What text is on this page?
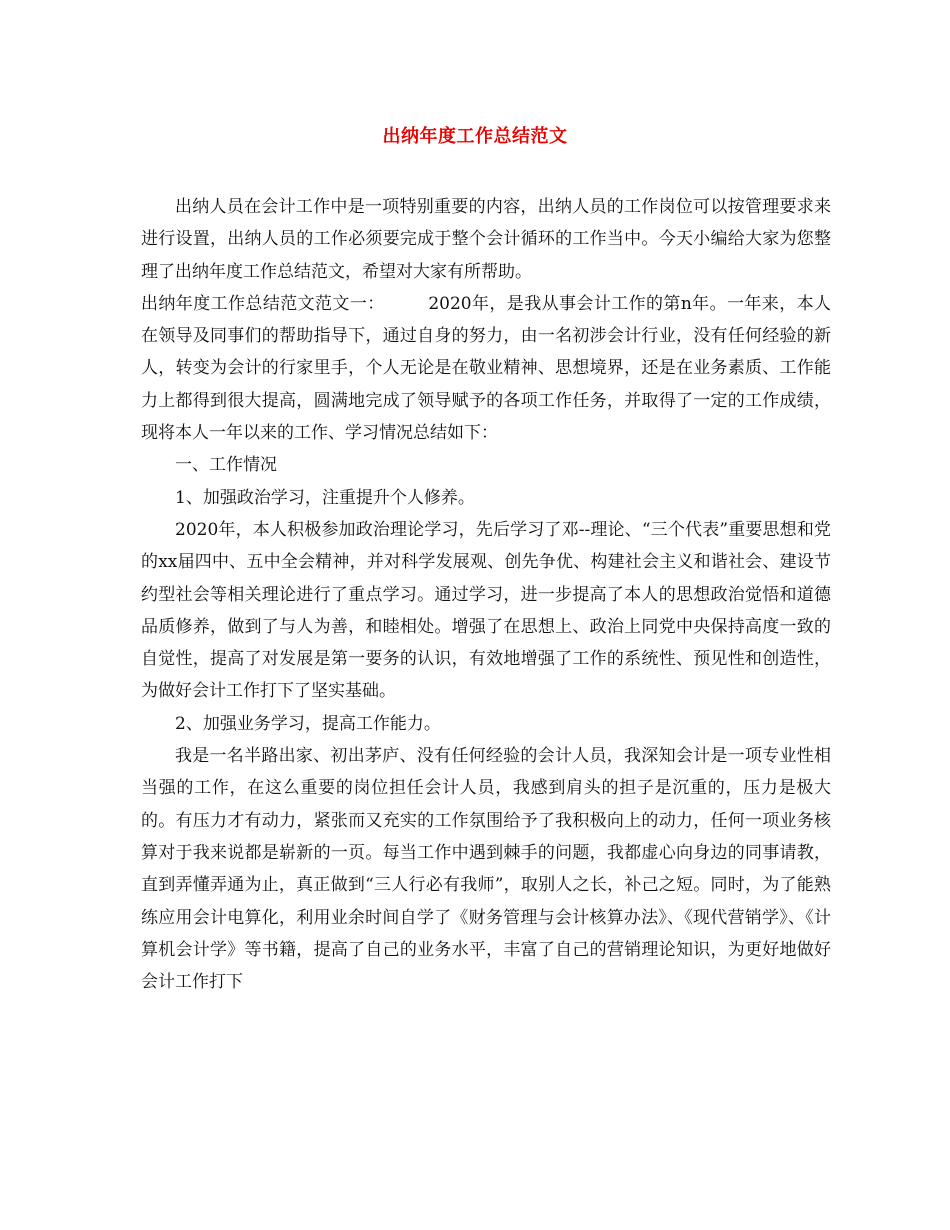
出纳年度工作总结范文

出纳人员在会计工作中是一项特别重要的内容，出纳人员的工作岗位可以按管理要求来进行设置，出纳人员的工作必须要完成于整个会计循环的工作当中。今天小编给大家为您整理了出纳年度工作总结范文，希望对大家有所帮助。

出纳年度工作总结范文范文一：　　　2020年，是我从事会计工作的第n年。一年来，本人在领导及同事们的帮助指导下，通过自身的努力，由一名初涉会计行业，没有任何经验的新人，转变为会计的行家里手，个人无论是在敬业精神、思想境界，还是在业务素质、工作能力上都得到很大提高，圆满地完成了领导赋予的各项工作任务，并取得了一定的工作成绩，现将本人一年以来的工作、学习情况总结如下：

一、工作情况

1、加强政治学习，注重提升个人修养。

2020年，本人积极参加政治理论学习，先后学习了邓--理论、“三个代表”重要思想和党的xx届四中、五中全会精神，并对科学发展观、创先争优、构建社会主义和谐社会、建设节约型社会等相关理论进行了重点学习。通过学习，进一步提高了本人的思想政治觉悟和道德品质修养，做到了与人为善，和睦相处。增强了在思想上、政治上同党中央保持高度一致的自觉性，提高了对发展是第一要务的认识，有效地增强了工作的系统性、预见性和创造性，为做好会计工作打下了坚实基础。

2、加强业务学习，提高工作能力。

我是一名半路出家、初出茅庐、没有任何经验的会计人员，我深知会计是一项专业性相当强的工作，在这么重要的岗位担任会计人员，我感到肩头的担子是沉重的，压力是极大的。有压力才有动力，紧张而又充实的工作氛围给予了我积极向上的动力，任何一项业务核算对于我来说都是崭新的一页。每当工作中遇到棘手的问题，我都虚心向身边的同事请教，直到弄懂弄通为止，真正做到“三人行必有我师”，取别人之长，补己之短。同时，为了能熟练应用会计电算化，利用业余时间自学了《财务管理与会计核算办法》、《现代营销学》、《计算机会计学》等书籍，提高了自己的业务水平，丰富了自己的营销理论知识，为更好地做好会计工作打下
